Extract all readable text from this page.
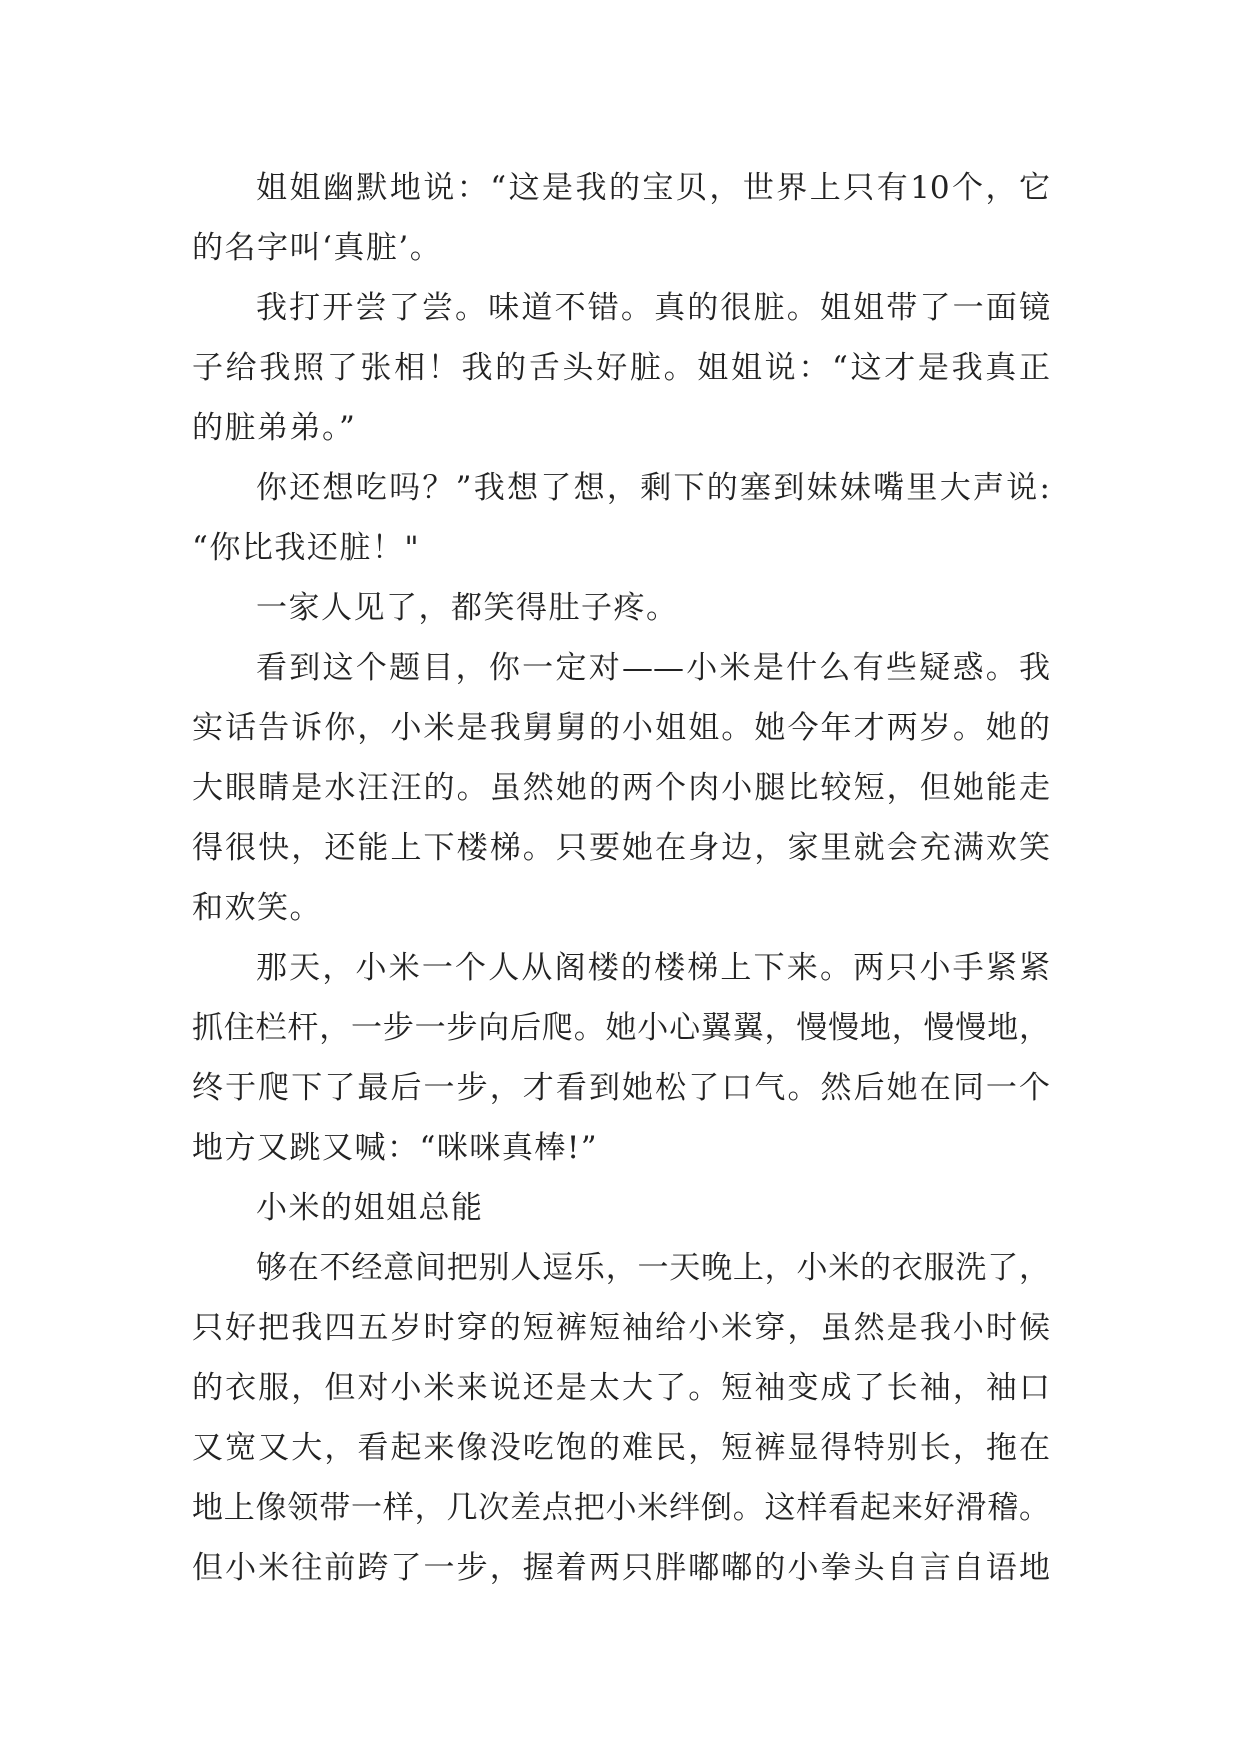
姐姐幽默地说：“这是我的宝贝，世界上只有10个，它
的名字叫‘真脏’。
我打开尝了尝。味道不错。真的很脏。姐姐带了一面镜
子给我照了张相！我的舌头好脏。姐姐说：“这才是我真正
的脏弟弟。”
你还想吃吗？”我想了想，剩下的塞到妹妹嘴里大声说:
“你比我还脏！"
一家人见了，都笑得肚子疼。
看到这个题目，你一定对——小米是什么有些疑惑。我
实话告诉你，小米是我舅舅的小姐姐。她今年才两岁。她的
大眼睛是水汪汪的。虽然她的两个肉小腿比较短，但她能走
得很快，还能上下楼梯。只要她在身边，家里就会充满欢笑
和欢笑。
那天，小米一个人从阁楼的楼梯上下来。两只小手紧紧
抓住栏杆，一步一步向后爬。她小心翼翼，慢慢地，慢慢地，
终于爬下了最后一步，才看到她松了口气。然后她在同一个
地方又跳又喊：“咪咪真棒!”
小米的姐姐总能
够在不经意间把别人逗乐，一天晚上，小米的衣服洗了，
只好把我四五岁时穿的短裤短袖给小米穿，虽然是我小时候
的衣服，但对小米来说还是太大了。短袖变成了长袖，袖口
又宽又大，看起来像没吃饱的难民，短裤显得特别长，拖在
地上像领带一样，几次差点把小米绊倒。这样看起来好滑稽。
但小米往前跨了一步，握着两只胖嘟嘟的小拳头自言自语地
